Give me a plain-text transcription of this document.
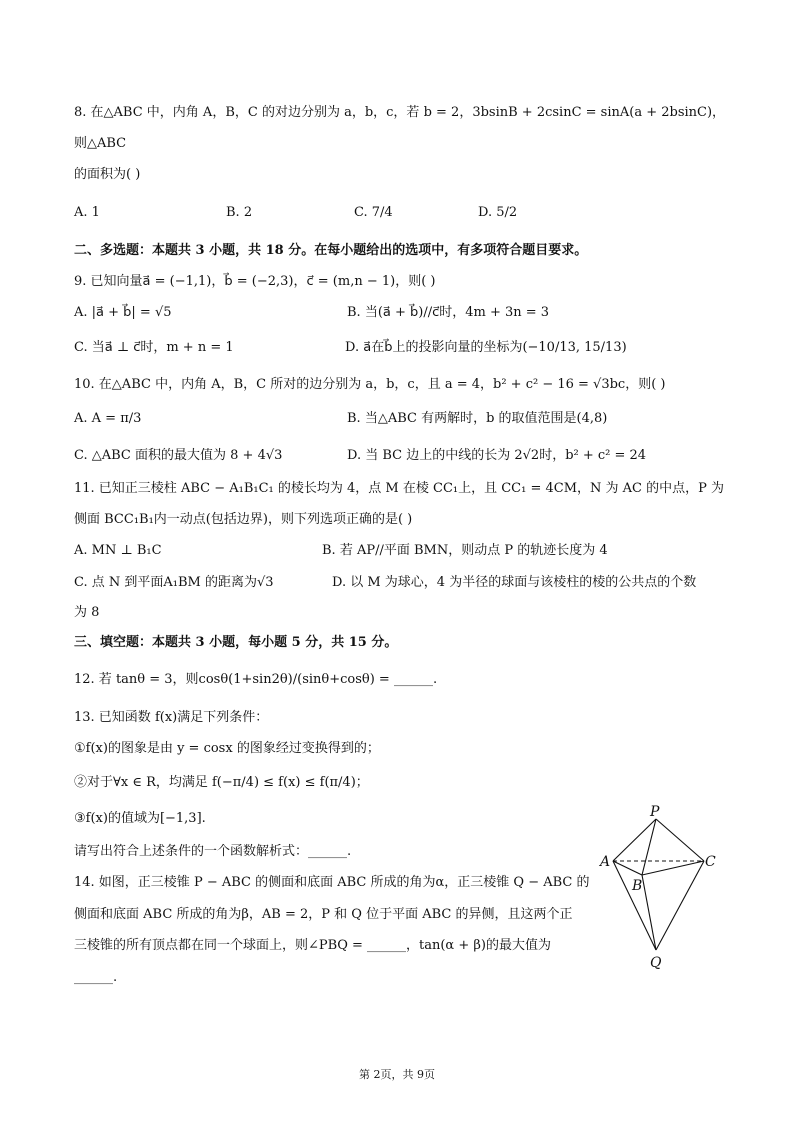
8. 在△ABC 中，内角 A，B，C 的对边分别为 a，b，c，若 b = 2，3bsinB + 2csinC = sinA(a + 2bsinC)，
则△ABC
的面积为( )
A. 1	B. 2	C. 7/4	D. 5/2
二、多选题：本题共 3 小题，共 18 分。在每小题给出的选项中，有多项符合题目要求。
9. 已知向量a⃗ = (−1,1)，b⃗ = (−2,3)，c⃗ = (m,n − 1)，则( )
A. |a⃗ + b⃗| = √5	B. 当(a⃗ + b⃗)//c⃗时，4m + 3n = 3
C. 当a⃗ ⊥ c⃗时，m + n = 1	D. a⃗在b⃗上的投影向量的坐标为(−10/13, 15/13)
10. 在△ABC 中，内角 A，B，C 所对的边分别为 a，b，c，且 a = 4，b² + c² − 16 = √3bc，则( )
A. A = π/3	B. 当△ABC 有两解时，b 的取值范围是(4,8)
C. △ABC 面积的最大值为 8 + 4√3	D. 当 BC 边上的中线的长为 2√2时，b² + c² = 24
11. 已知正三棱柱 ABC − A₁B₁C₁ 的棱长均为 4，点 M 在棱 CC₁上，且 CC₁ = 4CM，N 为 AC 的中点，P 为
侧面 BCC₁B₁内一动点(包括边界)，则下列选项正确的是( )
A. MN ⊥ B₁C	B. 若 AP//平面 BMN，则动点 P 的轨迹长度为 4
C. 点 N 到平面A₁BM 的距离为√3	D. 以 M 为球心，4 为半径的球面与该棱柱的棱的公共点的个数
为 8
三、填空题：本题共 3 小题，每小题 5 分，共 15 分。
12. 若 tanθ = 3，则cosθ(1+sin2θ)/(sinθ+cosθ) = ______.
13. 已知函数 f(x)满足下列条件：
①f(x)的图象是由 y = cosx 的图象经过变换得到的；
②对于∀x ∈ R，均满足 f(−π/4) ≤ f(x) ≤ f(π/4)；
③f(x)的值域为[−1,3].
请写出符合上述条件的一个函数解析式：______.
14. 如图，正三棱锥 P − ABC 的侧面和底面 ABC 所成的角为α，正三棱锥 Q − ABC 的
侧面和底面 ABC 所成的角为β，AB = 2，P 和 Q 位于平面 ABC 的异侧，且这两个正
三棱锥的所有顶点都在同一个球面上，则∠PBQ = ______，tan(α + β)的最大值为
______.
P
A
B
C
Q
第 2页，共 9页
